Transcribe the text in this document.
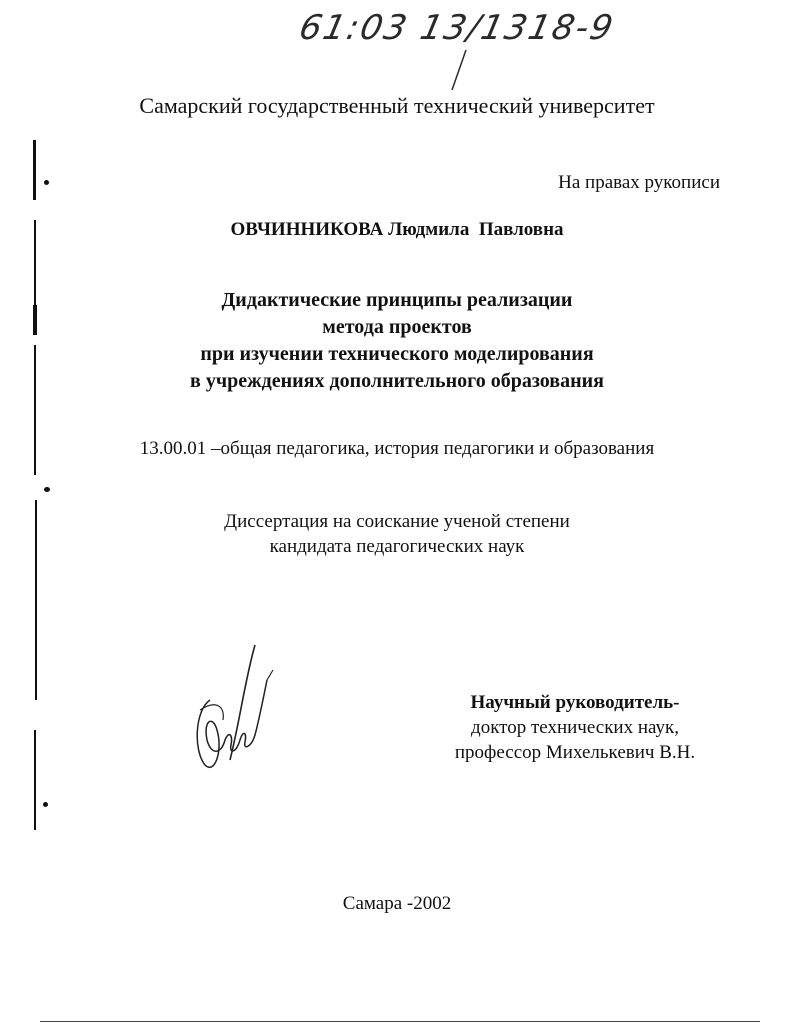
61:03 13/1318-9
Самарский государственный технический университет
На правах рукописи
ОВЧИННИКОВА Людмила  Павловна
Дидактические принципы реализации
метода проектов
при изучении технического моделирования
в учреждениях дополнительного образования
13.00.01 –общая педагогика, история педагогики и образования
Диссертация на соискание ученой степени
кандидата педагогических наук
Научный руководитель-
доктор технических наук,
профессор Михелькевич В.Н.
Самара -2002
